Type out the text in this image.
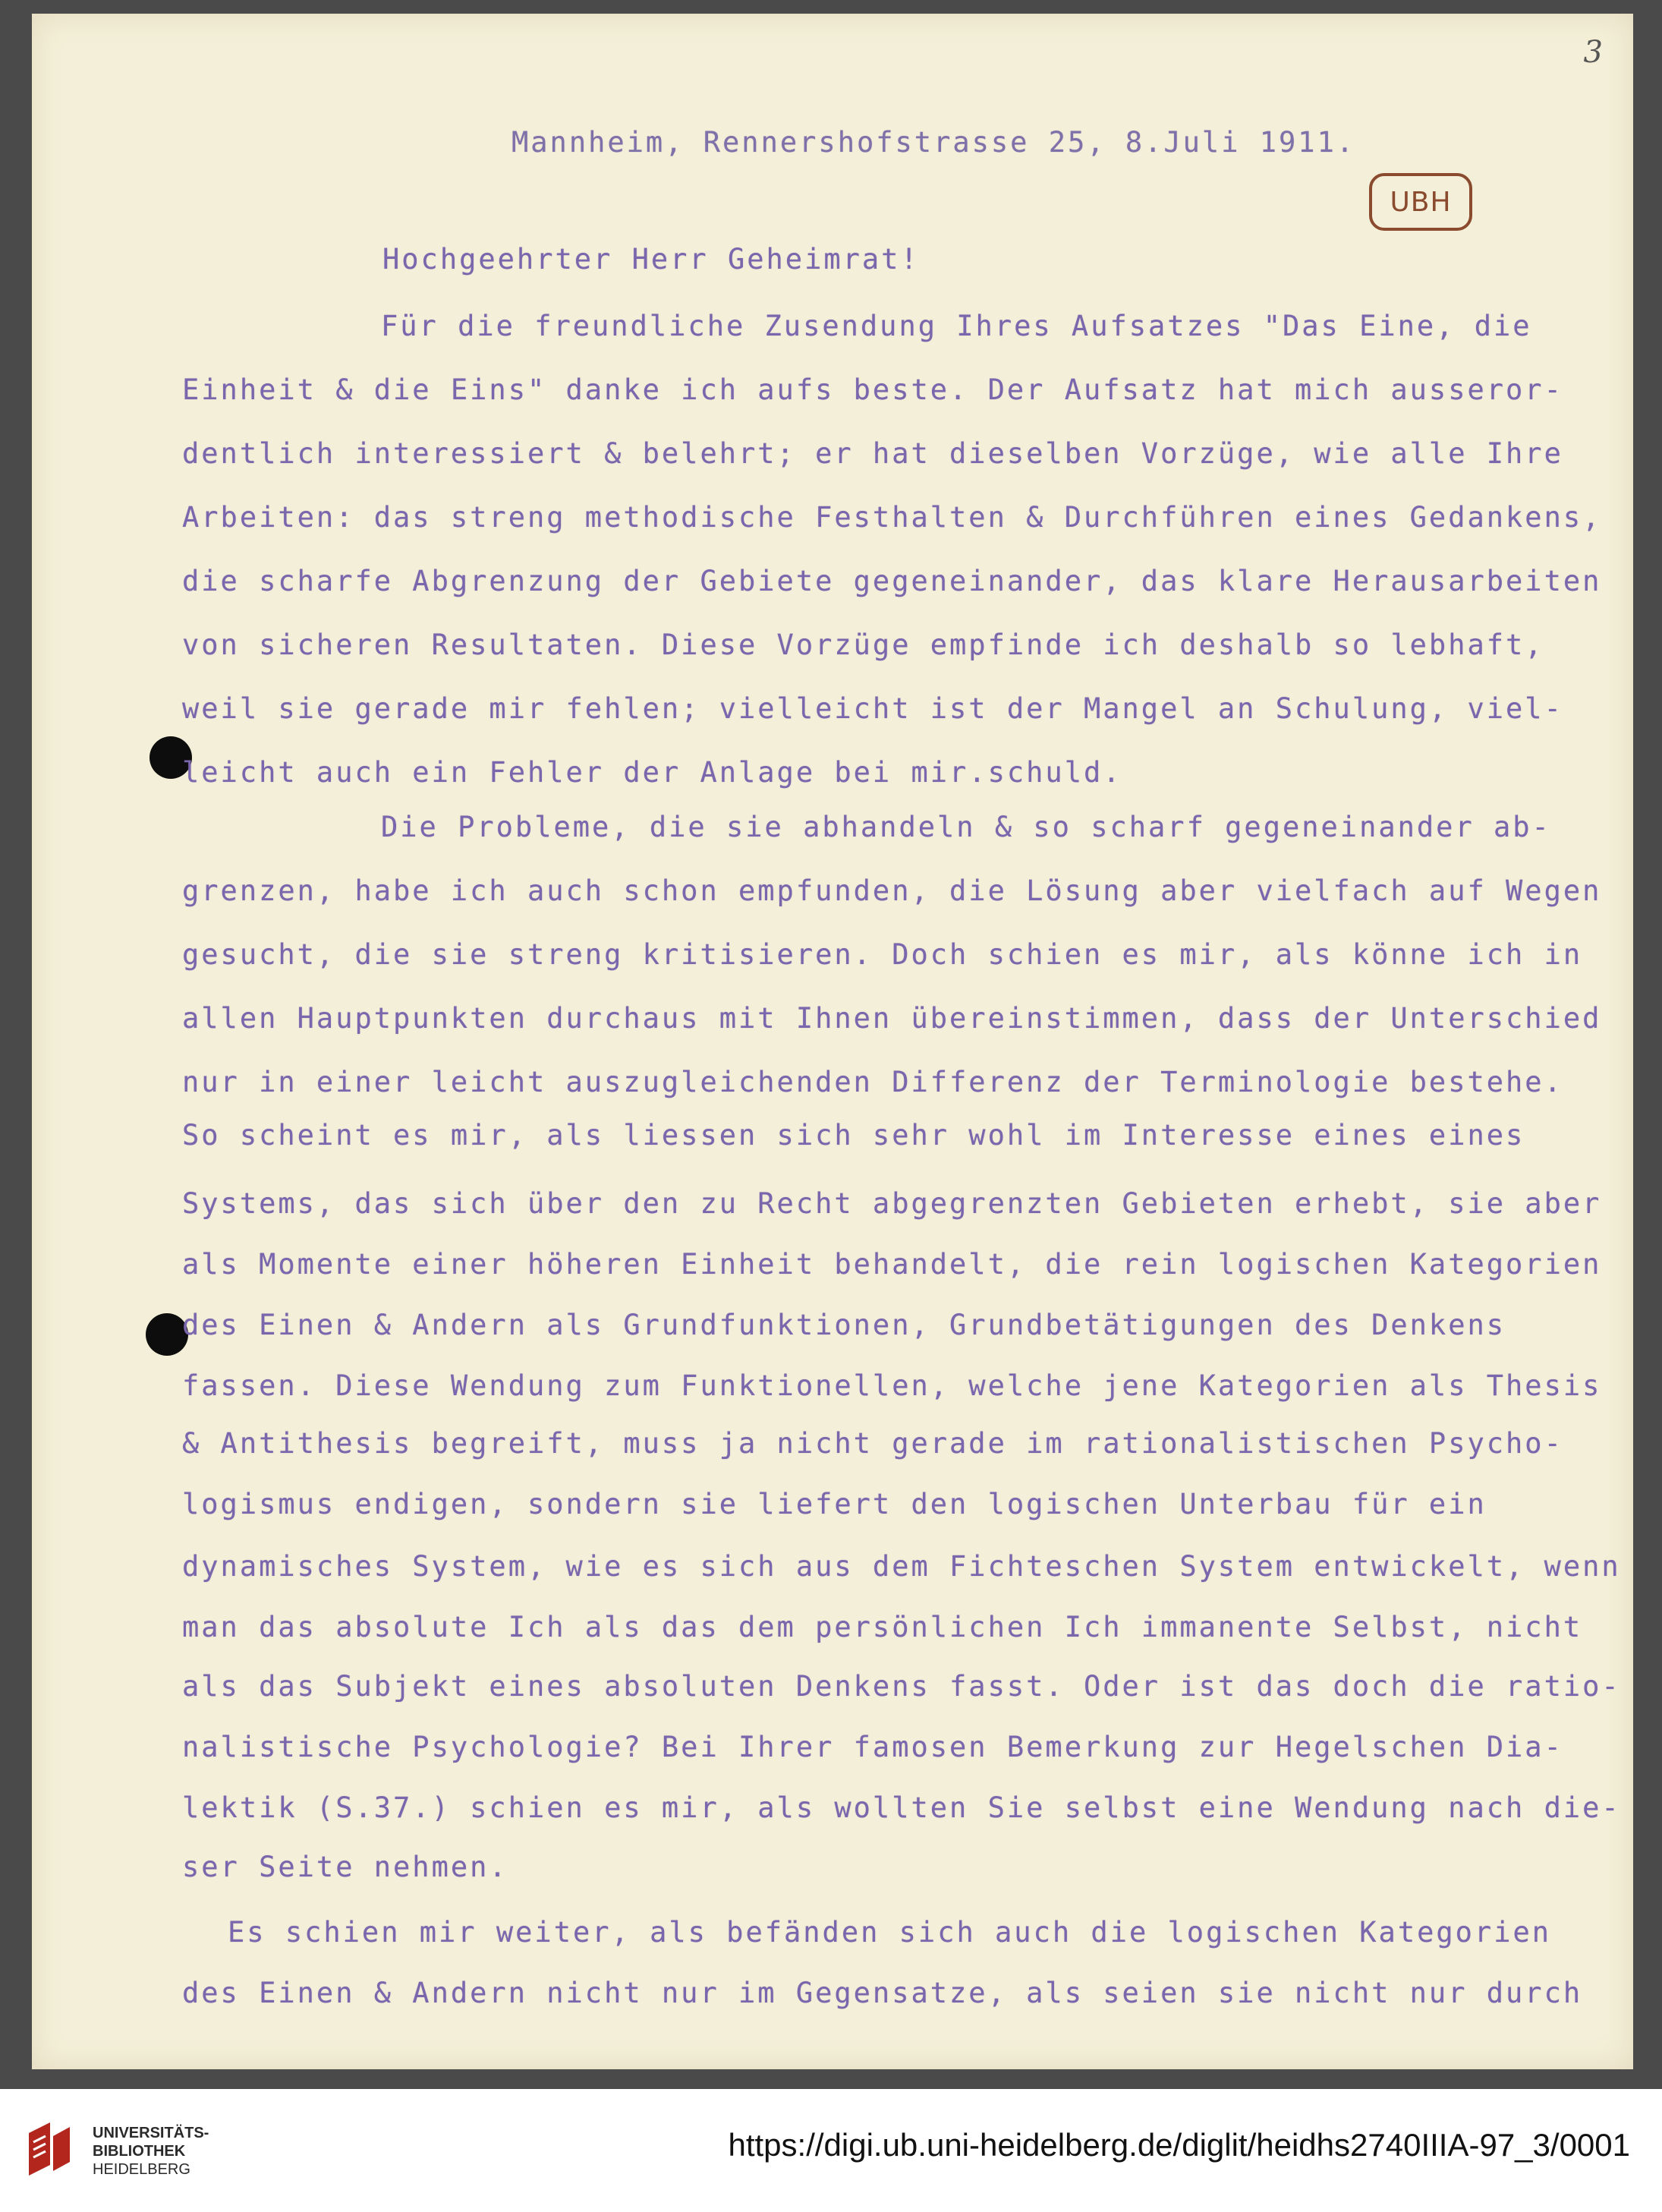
3
UBH
Mannheim, Rennershofstrasse 25, 8.Juli 1911.
Hochgeehrter Herr Geheimrat!
Für die freundliche Zusendung Ihres Aufsatzes "Das Eine, die
Einheit & die Eins" danke ich aufs beste. Der Aufsatz hat mich ausseror-
dentlich interessiert & belehrt; er hat dieselben Vorzüge, wie alle Ihre
Arbeiten: das streng methodische Festhalten & Durchführen eines Gedankens,
die scharfe Abgrenzung der Gebiete gegeneinander, das klare Herausarbeiten
von sicheren Resultaten. Diese Vorzüge empfinde ich deshalb so lebhaft,
weil sie gerade mir fehlen; vielleicht ist der Mangel an Schulung, viel-
leicht auch ein Fehler der Anlage bei mir.schuld.
Die Probleme, die sie abhandeln & so scharf gegeneinander ab-
grenzen, habe ich auch schon empfunden, die Lösung aber vielfach auf Wegen
gesucht, die sie streng kritisieren. Doch schien es mir, als könne ich in
allen Hauptpunkten durchaus mit Ihnen übereinstimmen, dass der Unterschied
nur in einer leicht auszugleichenden Differenz der Terminologie bestehe.
So scheint es mir, als liessen sich sehr wohl im Interesse eines eines
Systems, das sich über den zu Recht abgegrenzten Gebieten erhebt, sie aber
als Momente einer höheren Einheit behandelt, die rein logischen Kategorien
des Einen & Andern als Grundfunktionen, Grundbetätigungen des Denkens
fassen. Diese Wendung zum Funktionellen, welche jene Kategorien als Thesis
& Antithesis begreift, muss ja nicht gerade im rationalistischen Psycho-
logismus endigen, sondern sie liefert den logischen Unterbau für ein
dynamisches System, wie es sich aus dem Fichteschen System entwickelt, wenn
man das absolute Ich als das dem persönlichen Ich immanente Selbst, nicht
als das Subjekt eines absoluten Denkens fasst. Oder ist das doch die ratio-
nalistische Psychologie? Bei Ihrer famosen Bemerkung zur Hegelschen Dia-
lektik (S.37.) schien es mir, als wollten Sie selbst eine Wendung nach die-
ser Seite nehmen.
Es schien mir weiter, als befänden sich auch die logischen Kategorien
des Einen & Andern nicht nur im Gegensatze, als seien sie nicht nur durch
UNIVERSITÄTS-
BIBLIOTHEK
HEIDELBERG
https://digi.ub.uni-heidelberg.de/diglit/heidhs2740IIIA-97_3/0001
